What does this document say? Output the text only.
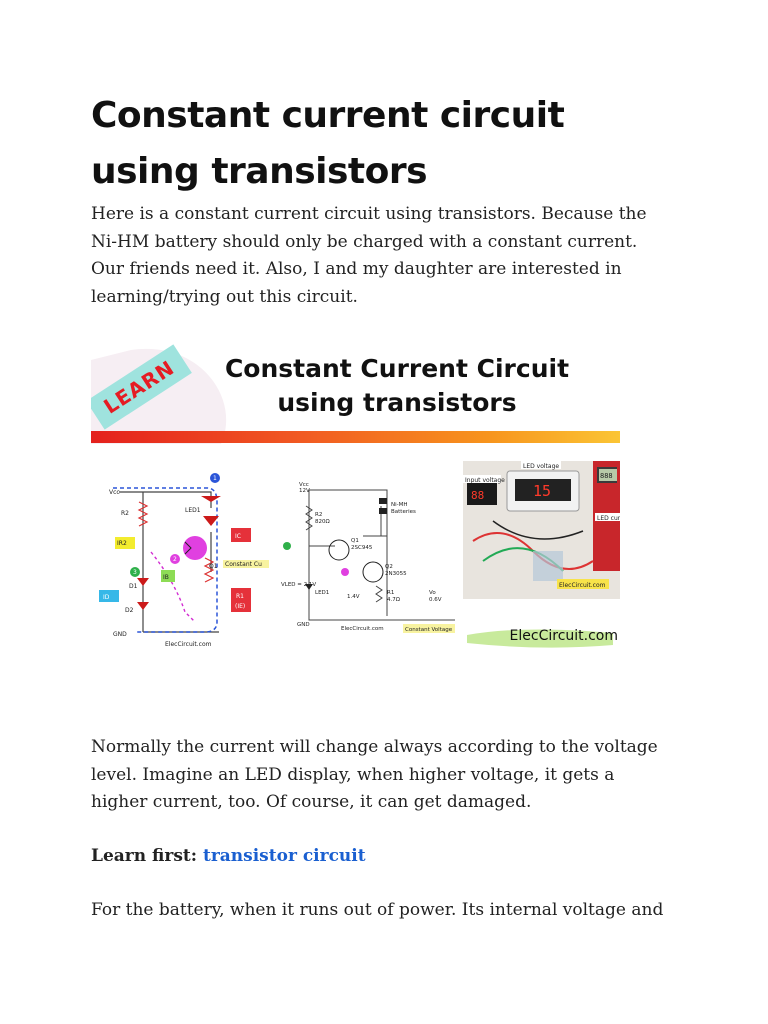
Constant current circuit using transistors

Here is a constant current circuit using transistors. Because the Ni-HM battery should only be charged with a constant current. Our friends need it. Also, I and my daughter are interested in learning/trying out this circuit.

Normally the current will change always according to the voltage level. Imagine an LED display, when higher voltage, it gets a higher current, too. Of course, it can get damaged.

Learn first: transistor circuit

For the battery, when it runs out of power. Its internal voltage and

LEARN	Constant Current Circuit
using transistors
Vcc
R2	LED1
IR2
IC
Q1 Constant Cu
D1
IB
ID
D2
R1
(IE)
GND
ElecCircuit.com
1
2
3
Vcc
12V
R2
820Ω
Q1
2SC945
Q2
2N3055
Ni-MH
Batteries
VLED = 2.1V
LED1
1.4V
R1
4.7Ω
Vo
0.6V
GND
ElecCircuit.com	Constant Voltage
15
88
888
LED voltage
Input voltage
LED cur
ElecCircuit.com
ElecCircuit.com
